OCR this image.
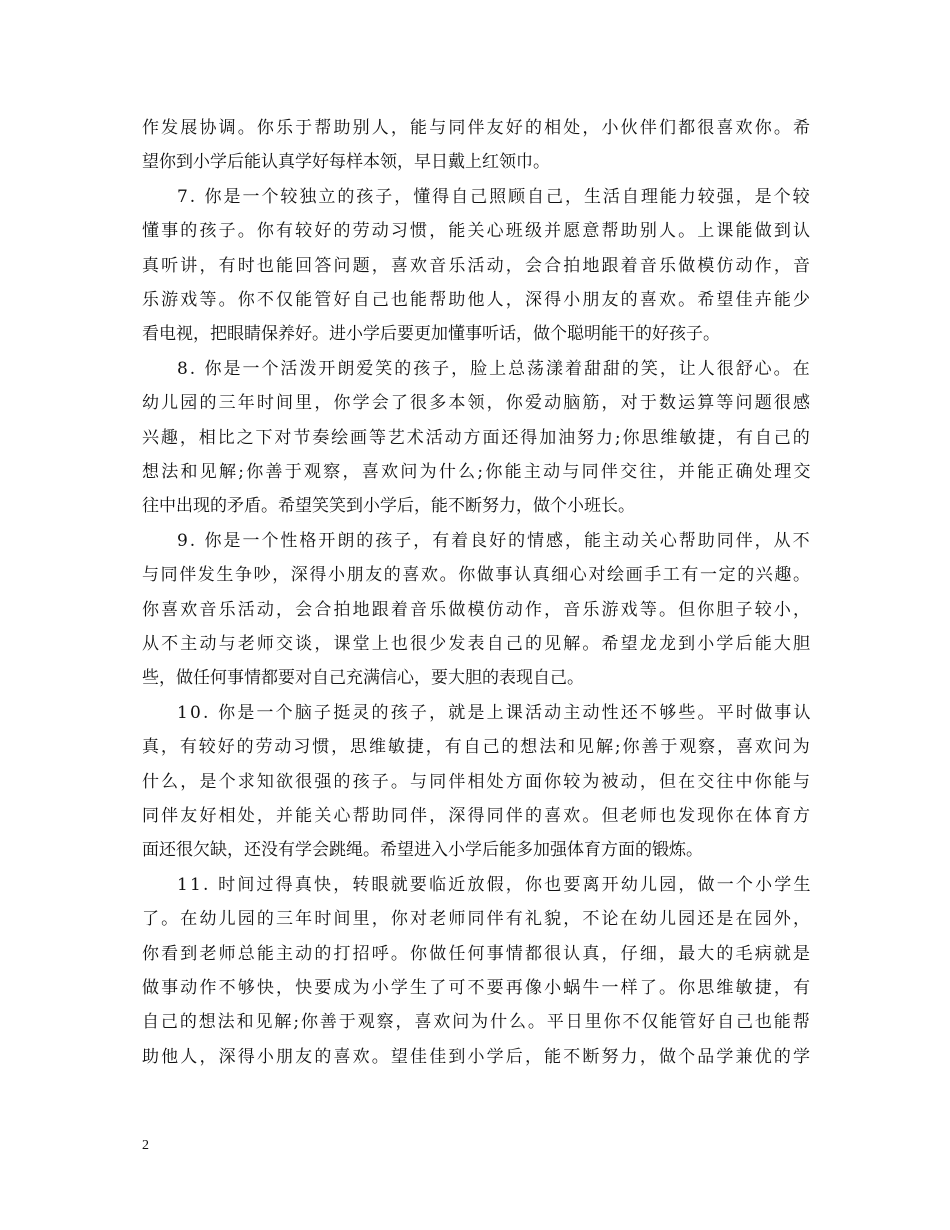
作发展协调。你乐于帮助别人，能与同伴友好的相处，小伙伴们都很喜欢你。希
望你到小学后能认真学好每样本领，早日戴上红领巾。
7. 你是一个较独立的孩子，懂得自己照顾自己，生活自理能力较强，是个较
懂事的孩子。你有较好的劳动习惯，能关心班级并愿意帮助别人。上课能做到认
真听讲，有时也能回答问题，喜欢音乐活动，会合拍地跟着音乐做模仿动作，音
乐游戏等。你不仅能管好自己也能帮助他人，深得小朋友的喜欢。希望佳卉能少
看电视，把眼睛保养好。进小学后要更加懂事听话，做个聪明能干的好孩子。
8. 你是一个活泼开朗爱笑的孩子，脸上总荡漾着甜甜的笑，让人很舒心。在
幼儿园的三年时间里，你学会了很多本领，你爱动脑筋，对于数运算等问题很感
兴趣，相比之下对节奏绘画等艺术活动方面还得加油努力;你思维敏捷，有自己的
想法和见解;你善于观察，喜欢问为什么;你能主动与同伴交往，并能正确处理交
往中出现的矛盾。希望笑笑到小学后，能不断努力，做个小班长。
9. 你是一个性格开朗的孩子，有着良好的情感，能主动关心帮助同伴，从不
与同伴发生争吵，深得小朋友的喜欢。你做事认真细心对绘画手工有一定的兴趣。
你喜欢音乐活动，会合拍地跟着音乐做模仿动作，音乐游戏等。但你胆子较小，
从不主动与老师交谈，课堂上也很少发表自己的见解。希望龙龙到小学后能大胆
些，做任何事情都要对自己充满信心，要大胆的表现自己。
10. 你是一个脑子挺灵的孩子，就是上课活动主动性还不够些。平时做事认
真，有较好的劳动习惯，思维敏捷，有自己的想法和见解;你善于观察，喜欢问为
什么，是个求知欲很强的孩子。与同伴相处方面你较为被动，但在交往中你能与
同伴友好相处，并能关心帮助同伴，深得同伴的喜欢。但老师也发现你在体育方
面还很欠缺，还没有学会跳绳。希望进入小学后能多加强体育方面的锻炼。
11. 时间过得真快，转眼就要临近放假，你也要离开幼儿园，做一个小学生
了。在幼儿园的三年时间里，你对老师同伴有礼貌，不论在幼儿园还是在园外，
你看到老师总能主动的打招呼。你做任何事情都很认真，仔细，最大的毛病就是
做事动作不够快，快要成为小学生了可不要再像小蜗牛一样了。你思维敏捷，有
自己的想法和见解;你善于观察，喜欢问为什么。平日里你不仅能管好自己也能帮
助他人，深得小朋友的喜欢。望佳佳到小学后，能不断努力，做个品学兼优的学
2
